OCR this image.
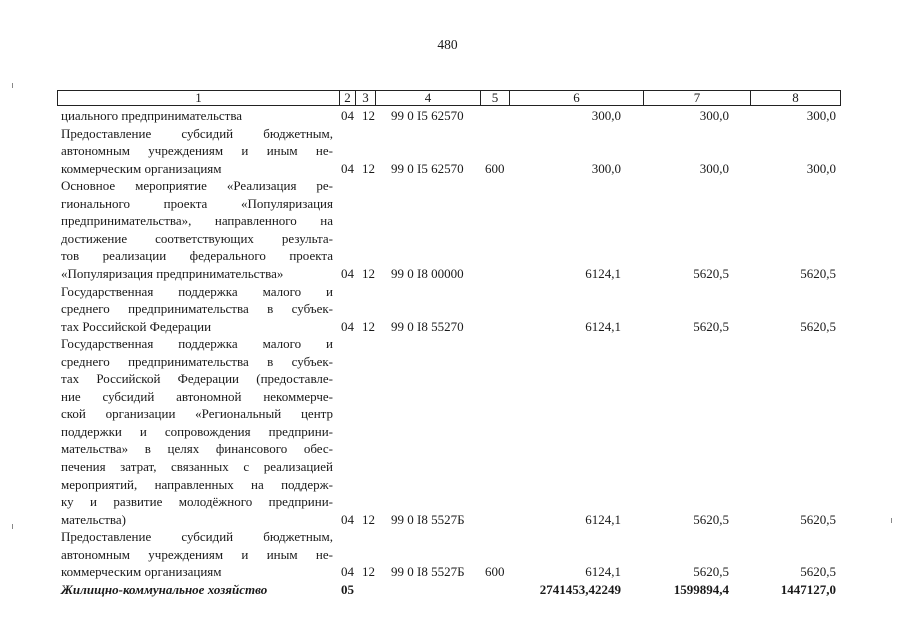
480
1	2 3	4	5	6	7	8
циального предпринимательства	04 12 99 0 I5 62570	300,0	300,0	300,0
Предоставление субсидий бюджетным,
автономным учреждениям и иным не-
коммерческим организациям	04 12 99 0 I5 62570 600	300,0	300,0	300,0
Основное мероприятие «Реализация ре-
гионального проекта «Популяризация
предпринимательства», направленного на
достижение соответствующих результа-
тов реализации федерального проекта
«Популяризация предпринимательства»	04 12 99 0 I8 00000	6124,1	5620,5	5620,5
Государственная поддержка малого и
среднего предпринимательства в субъек-
тах Российской Федерации	04 12 99 0 I8 55270	6124,1	5620,5	5620,5
Государственная поддержка малого и
среднего предпринимательства в субъек-
тах Российской Федерации (предоставле-
ние субсидий автономной некоммерче-
ской организации «Региональный центр
поддержки и сопровождения предприни-
мательства» в целях финансового обес-
печения затрат, связанных с реализацией
мероприятий, направленных на поддерж-
ку и развитие молодёжного предприни-
мательства)	04 12 99 0 I8 5527Б	6124,1	5620,5	5620,5
Предоставление субсидий бюджетным,
автономным учреждениям и иным не-
коммерческим организациям	04 12 99 0 I8 5527Б 600	6124,1	5620,5	5620,5
Жилищно-коммунальное хозяйство	05	2741453,42249	1599894,4	1447127,0
